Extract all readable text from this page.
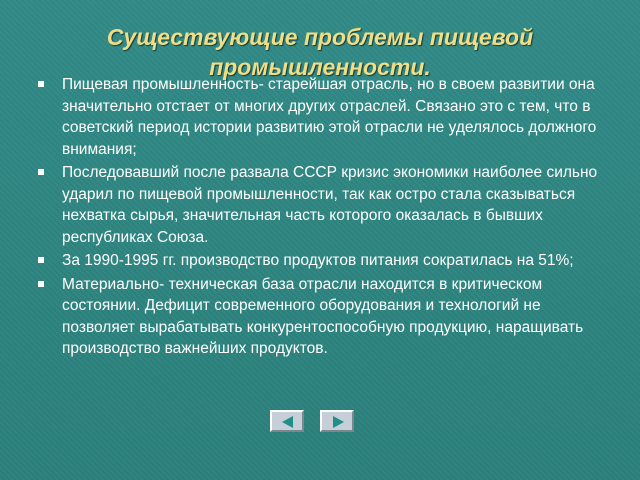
Существующие проблемы пищевой промышленности.
Пищевая промышленность- старейшая отрасль, но в своем развитии она значительно отстает от многих других отраслей. Связано это с тем, что в советский период истории развитию этой отрасли не уделялось должного внимания;
Последовавший после развала СССР кризис экономики наиболее сильно ударил по пищевой промышленности, так как остро стала сказываться нехватка сырья, значительная часть которого оказалась в бывших республиках Союза.
За 1990-1995 гг. производство продуктов питания сократилась на 51%;
Материально- техническая база отрасли находится в критическом состоянии. Дефицит современного оборудования и технологий не позволяет вырабатывать конкурентоспособную продукцию, наращивать производство важнейших продуктов.
